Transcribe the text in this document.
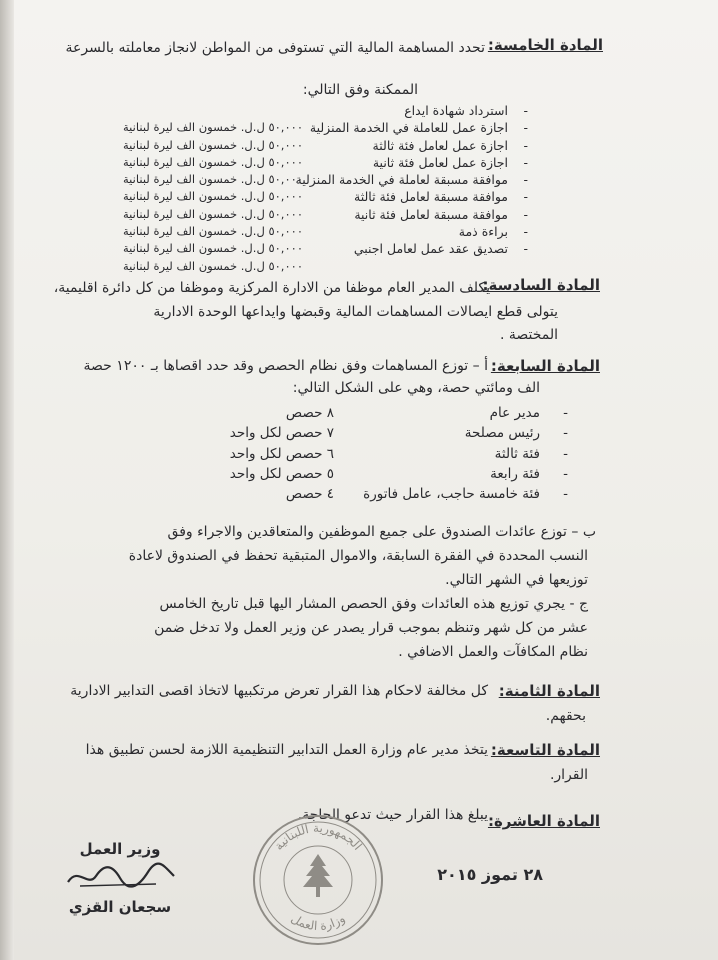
المادة الخامسة:
تحدد المساهمة المالية التي تستوفى من المواطن لانجاز معاملته بالسرعة
الممكنة وفق التالي:
-
استرداد شهادة ايداع
-
اجازة عمل للعاملة في الخدمة المنزلية
٥٠,٠٠٠ ل.ل. خمسون الف ليرة لبنانية
-
اجازة عمل لعامل فئة ثالثة
٥٠,٠٠٠ ل.ل. خمسون الف ليرة لبنانية
-
اجازة عمل لعامل فئة ثانية
٥٠,٠٠٠ ل.ل. خمسون الف ليرة لبنانية
-
موافقة مسبقة لعاملة في الخدمة المنزلية
٥٠,٠٠٠ ل.ل. خمسون الف ليرة لبنانية
-
موافقة مسبقة لعامل فئة ثالثة
٥٠,٠٠٠ ل.ل. خمسون الف ليرة لبنانية
-
موافقة مسبقة لعامل فئة ثانية
٥٠,٠٠٠ ل.ل. خمسون الف ليرة لبنانية
-
براءة ذمة
٥٠,٠٠٠ ل.ل. خمسون الف ليرة لبنانية
-
تصديق عقد عمل لعامل اجنبي
٥٠,٠٠٠ ل.ل. خمسون الف ليرة لبنانية
٥٠,٠٠٠ ل.ل. خمسون الف ليرة لبنانية
المادة السادسة:
يكلف المدير العام موظفا من الادارة المركزية وموظفا من كل دائرة اقليمية،
يتولى قطع ايصالات المساهمات المالية وقبضها وايداعها الوحدة الادارية
المختصة .
المادة السابعة:
أ – توزع المساهمات وفق نظام الحصص وقد حدد اقصاها بـ ١٢٠٠ حصة
الف ومائتي حصة، وهي على الشكل التالي:
-
مدير عام
٨ حصص
-
رئيس مصلحة
٧ حصص لكل واحد
-
فئة ثالثة
٦ حصص لكل واحد
-
فئة رابعة
٥ حصص لكل واحد
-
فئة خامسة حاجب، عامل فاتورة
٤ حصص
ب – توزع عائدات الصندوق على جميع الموظفين والمتعاقدين والاجراء وفق
النسب المحددة في الفقرة السابقة، والاموال المتبقية تحفظ في الصندوق لاعادة
توزيعها في الشهر التالي.
ج - يجري توزيع هذه العائدات وفق الحصص المشار اليها قبل تاريخ الخامس
عشر من كل شهر وتنظم بموجب قرار يصدر عن وزير العمل ولا تدخل ضمن
نظام المكافآت والعمل الاضافي .
المادة الثامنة:
كل مخالفة لاحكام هذا القرار تعرض مرتكبيها لاتخاذ اقصى التدابير الادارية
بحقهم.
المادة التاسعة:
يتخذ مدير عام وزارة العمل التدابير التنظيمية اللازمة لحسن تطبيق هذا
القرار.
المادة العاشرة:
يبلغ هذا القرار حيث تدعو الحاجة.
٢٨ تموز ٢٠١٥
الجمهورية اللبنانية
وزارة العمل
وزير العمل
سجعان القزي
